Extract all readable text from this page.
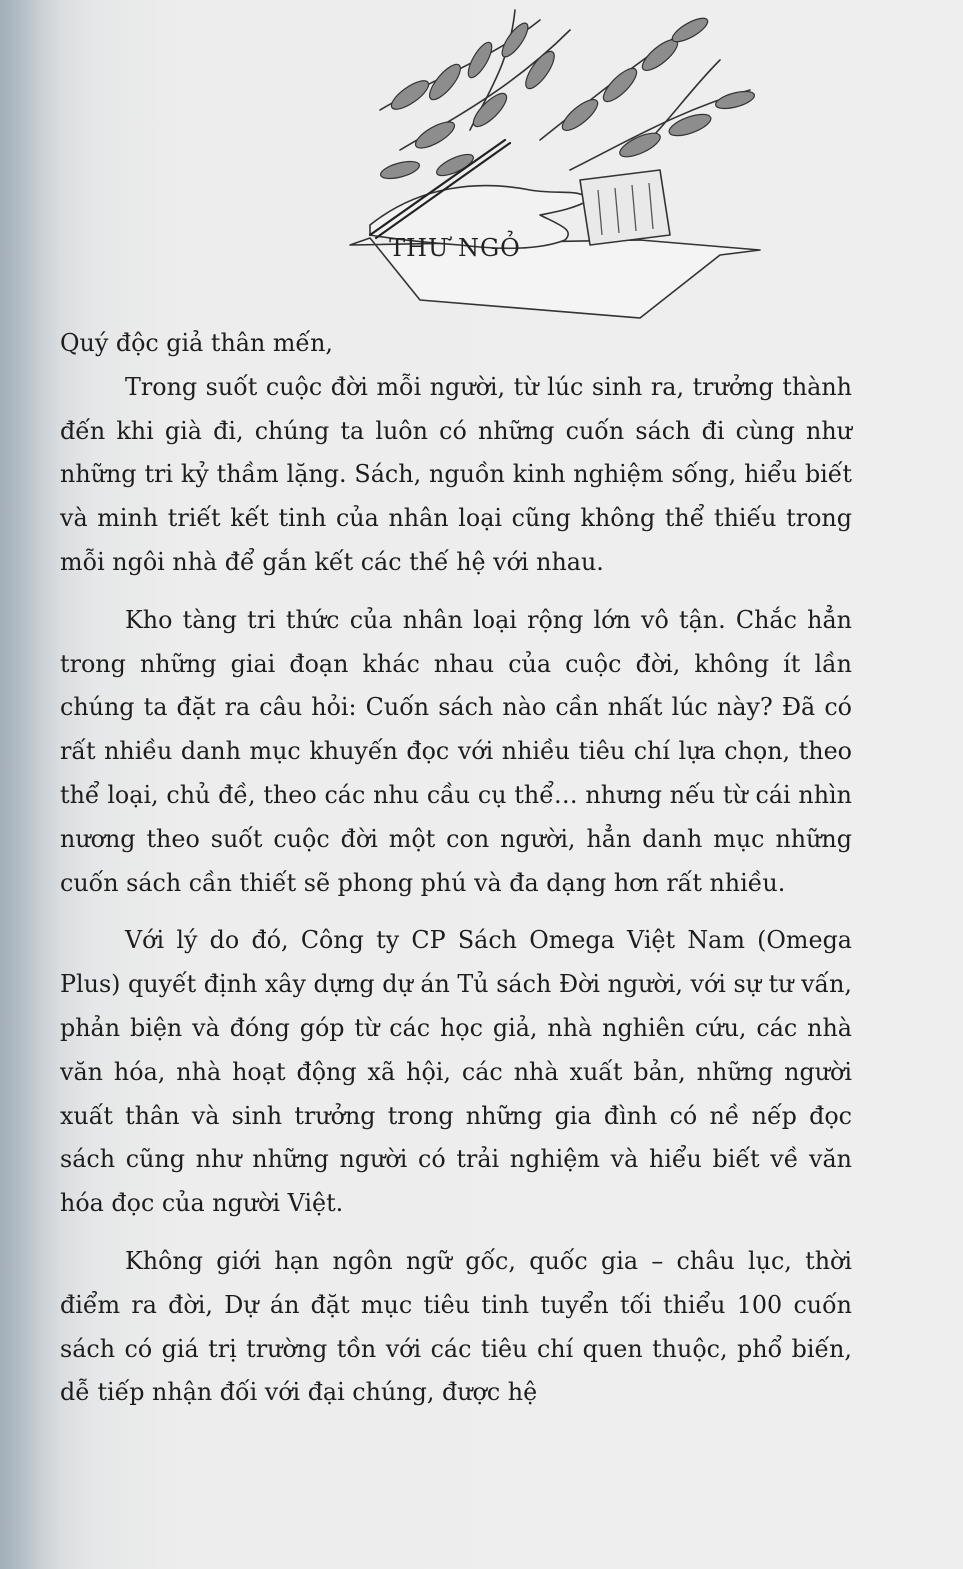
THƯ NGỎ

Quý độc giả thân mến,

Trong suốt cuộc đời mỗi người, từ lúc sinh ra, trưởng thành đến khi già đi, chúng ta luôn có những cuốn sách đi cùng như những tri kỷ thầm lặng. Sách, nguồn kinh nghiệm sống, hiểu biết và minh triết kết tinh của nhân loại cũng không thể thiếu trong mỗi ngôi nhà để gắn kết các thế hệ với nhau.

Kho tàng tri thức của nhân loại rộng lớn vô tận. Chắc hẳn trong những giai đoạn khác nhau của cuộc đời, không ít lần chúng ta đặt ra câu hỏi: Cuốn sách nào cần nhất lúc này? Đã có rất nhiều danh mục khuyến đọc với nhiều tiêu chí lựa chọn, theo thể loại, chủ đề, theo các nhu cầu cụ thể… nhưng nếu từ cái nhìn nương theo suốt cuộc đời một con người, hẳn danh mục những cuốn sách cần thiết sẽ phong phú và đa dạng hơn rất nhiều.

Với lý do đó, Công ty CP Sách Omega Việt Nam (Omega Plus) quyết định xây dựng dự án Tủ sách Đời người, với sự tư vấn, phản biện và đóng góp từ các học giả, nhà nghiên cứu, các nhà văn hóa, nhà hoạt động xã hội, các nhà xuất bản, những người xuất thân và sinh trưởng trong những gia đình có nề nếp đọc sách cũng như những người có trải nghiệm và hiểu biết về văn hóa đọc của người Việt.

Không giới hạn ngôn ngữ gốc, quốc gia – châu lục, thời điểm ra đời, Dự án đặt mục tiêu tinh tuyển tối thiểu 100 cuốn sách có giá trị trường tồn với các tiêu chí quen thuộc, phổ biến, dễ tiếp nhận đối với đại chúng, được hệ
